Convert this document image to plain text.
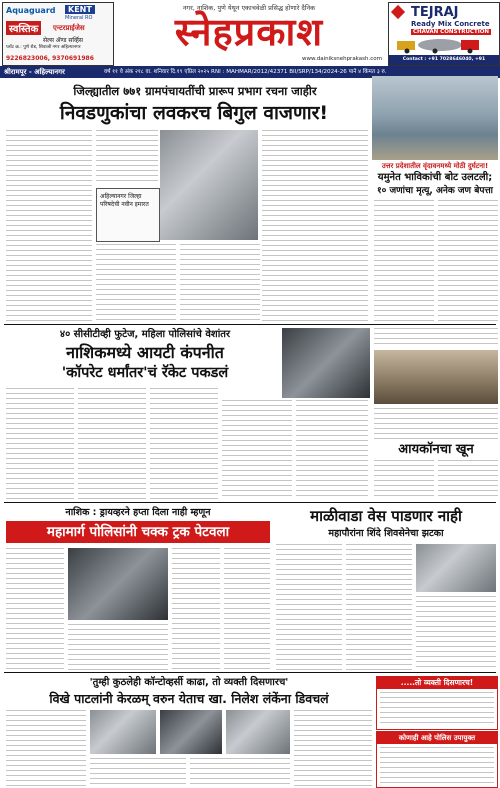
Aquaguard	KENT
Mineral RO
स्वस्तिक	एन्टरप्राईजेस
सेल्स ॲण्ड सर्व्हिस
प्लॉट क्र.: पुणे रोड, शिवाजी नगर अहिल्यानगर
9226823006, 9370691986
नगर, नाशिक, पुणे येथून एकाचवेळी प्रसिद्ध होणारे दैनिक
स्नेहप्रकाश
www.dainiksnehprakash.com
TEJRAJ
Ready Mix Concrete
CHAVAN CONSTRUCTION
Contact : +91 7028646040, +91
श्रीरामपूर - अहिल्यानगर	वर्ष ११ वे अंक २१८ वा. शनिवार दि.१९ एप्रिल २०२५ RNI : MAHMAR/2012/42371 BII/SRP/134/2024-26 पाने ४ किंमत ३ रु.
जिल्ह्यातील ७७१ ग्रामपंचायतींची प्रारूप प्रभाग रचना जाहीर
निवडणुकांचा लवकरच बिगुल वाजणार!
अहिल्यानगर जिल्हा परिषदेची नवीन इमारत
उत्तर प्रदेशातील वृंदावनमध्ये मोठी दुर्घटना!
यमुनेत भाविकांची बोट उलटली;
१० जणांचा मृत्यू, अनेक जण बेपत्ता
४० सीसीटीव्ही फुटेज, महिला पोलिसांचे वेशांतर
नाशिकमध्ये आयटी कंपनीत
'कॉपरेट धर्मांतर'चं रॅकेट पकडलं
आयकॉनचा खून
नाशिक : ड्रायव्हरने हप्ता दिला नाही म्हणून
महामार्ग पोलिसांनी चक्क ट्रक पेटवला
माळीवाडा वेस पाडणार नाही
महापौरांना शिंदे शिवसेनेचा झटका
'तुम्ही कुठलेही कॉन्टोव्हर्सी काढा, तो व्यक्ती दिसणारच'
विखे पाटलांनी केरळम् वरुन येताच खा. निलेश लंकेंना डिवचलं
.....तो व्यक्ती दिसणारच!
कोणाही आहे पोलिस उपायुक्त
